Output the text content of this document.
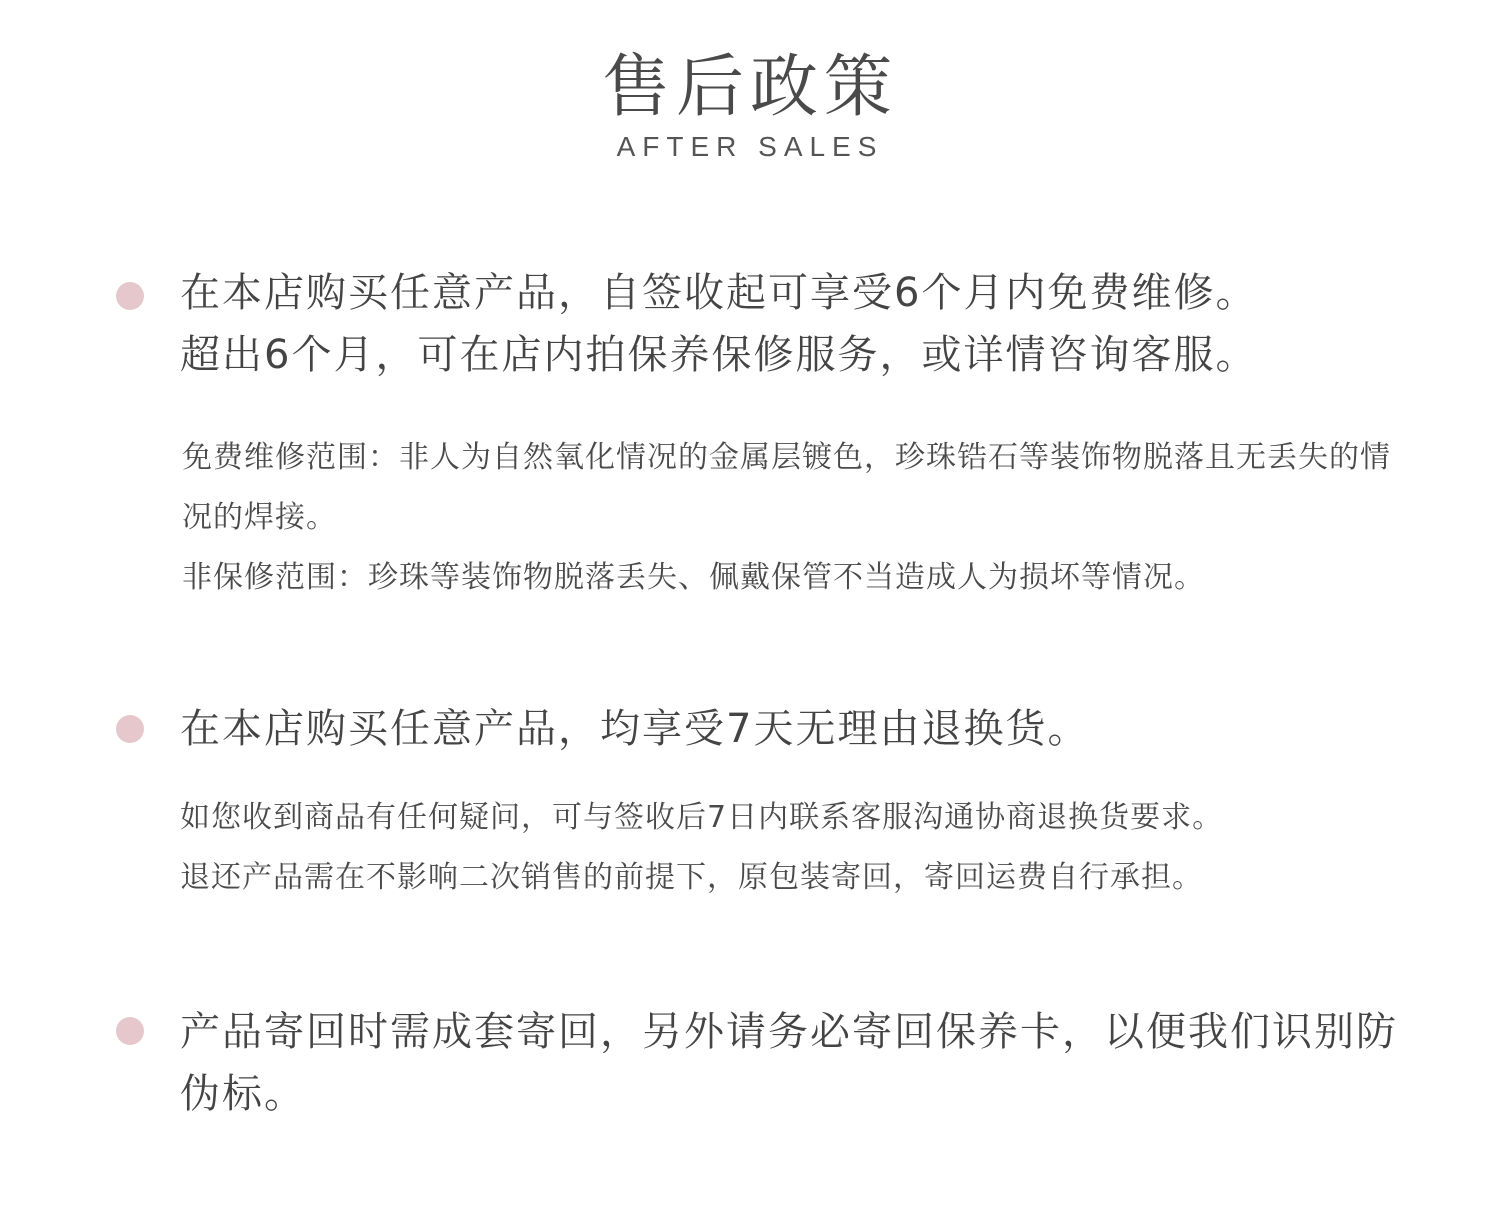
售后政策
AFTER SALES
在本店购买任意产品，自签收起可享受6个月内免费维修。
超出6个月，可在店内拍保养保修服务，或详情咨询客服。

免费维修范围：非人为自然氧化情况的金属层镀色，珍珠锆石等装饰物脱落且无丢失的情况的焊接。

非保修范围：珍珠等装饰物脱落丢失、佩戴保管不当造成人为损坏等情况。

在本店购买任意产品，均享受7天无理由退换货。

如您收到商品有任何疑问，可与签收后7日内联系客服沟通协商退换货要求。

退还产品需在不影响二次销售的前提下，原包装寄回，寄回运费自行承担。

产品寄回时需成套寄回，另外请务必寄回保养卡，以便我们识别防伪标。
